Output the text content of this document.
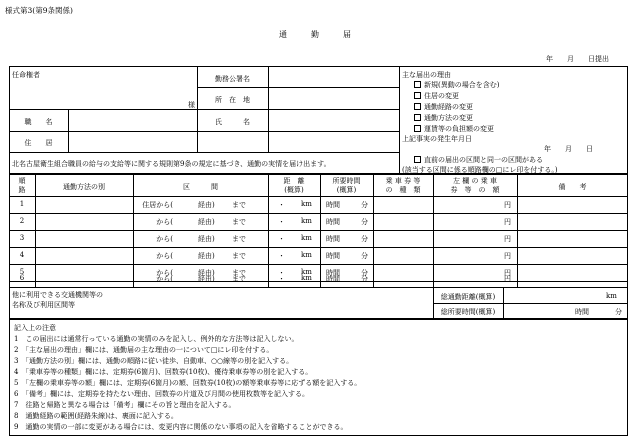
様式第3(第9条関係)
通　　　勤　　　届
年　　月　　日提出
任命権者
様
勤務公署名
所　在　地
職　　名	氏　　　名
住　　居
北名古屋衛生組合職員の給与の支給等に関する規則第9条の規定に基づき、通勤の実情を届け出ます。
主な届出の理由
新規(異動の場合を含む)
住居の変更
通勤経路の変更
通勤方法の変更
運賃等の負担額の変更
上記事実の発生年月日
年　　月　　日
直前の届出の区間と同一の区間がある
(該当する区間に係る順路欄の□にレ印を付する。)
順
路	通勤方法の別	区　　　間
距　離
(概算)
所要時間
(概算)
乗 車 券 等
の　種　類
左 欄 の 乗 車
券　等　の　額	備　　考
1	住居から(	経由) まで	・ km 時間	分	円
2	から(	経由) まで	・ km 時間	分	円
3	から(	経由) まで	・ km 時間	分	円
4	から(	経由) まで	・ km 時間	分	円
5	から(	経由) まで	・ km 時間	分	円
6	から(	経由) まで	・ km 時間	分	円
他に利用できる交通機関等の
名称及び利用区間等
総通勤距離(概算)	km
総所要時間(概算)	時間	分
記入上の注意
1　この届出には通常行っている通勤の実情のみを記入し、例外的な方法等は記入しない。
2　「主な届出の理由」欄には、通勤届の主な理由の一について□にレ印を付する。
3　「通勤方法の別」欄には、通勤の順路に従い徒歩、自動車、○○線等の別を記入する。
4　「乗車券等の種類」欄には、定期券(6箇月)、回数券(10枚)、優待乗車券等の別を記入する。
5　「左欄の乗車券等の額」欄には、定期券(6箇月)の額、回数券(10枚)の額等乗車券等に応ずる額を記入する。
6　「備考」欄には、定期券を持たない理由、回数券の片道及び月間の使用枚数等を記入する。
7　往路と帰路と異なる場合は「備考」欄にその旨と理由を記入する。
8　通勤経路の範囲(経路朱線)は、裏面に記入する。
9　通勤の実情の一部に変更がある場合には、変更内容に関係のない事項の記入を省略することができる。
